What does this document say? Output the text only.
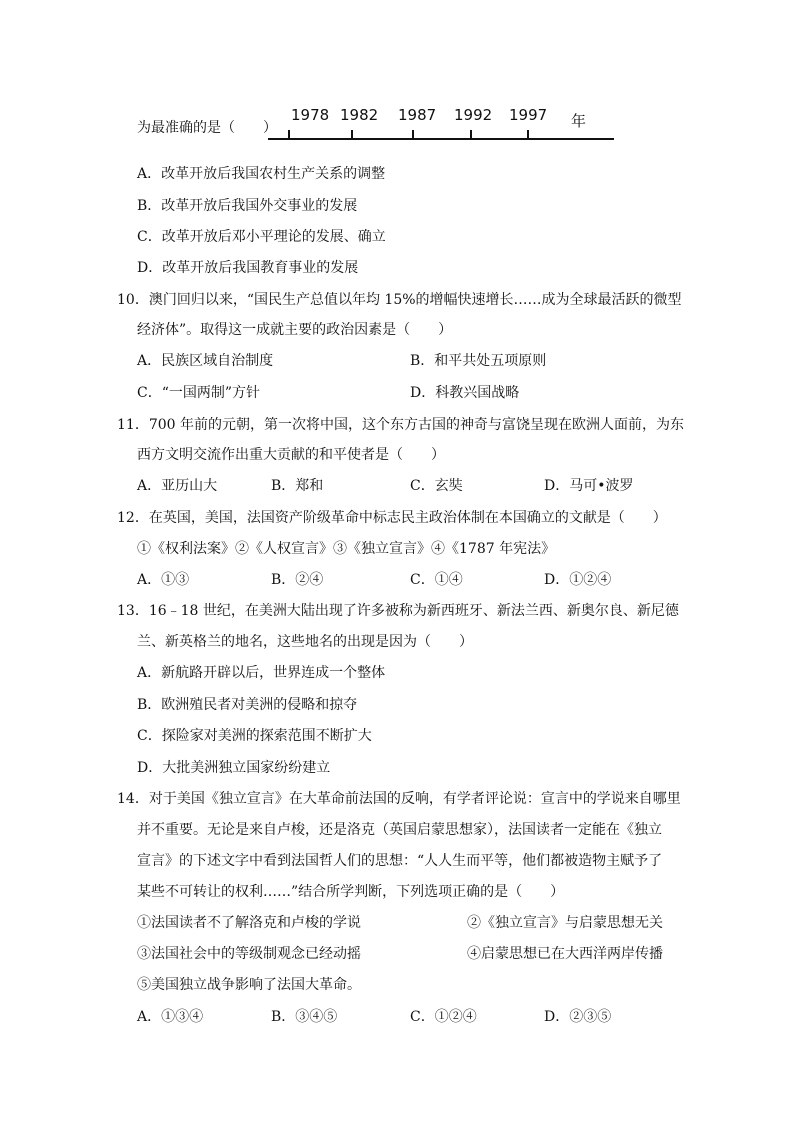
为最准确的是（　　）
1978 1982 1987 1992 1997 年
A．改革开放后我国农村生产关系的调整
B．改革开放后我国外交事业的发展
C．改革开放后邓小平理论的发展、确立
D．改革开放后我国教育事业的发展
10．澳门回归以来，“国民生产总值以年均 15%的增幅快速增长……成为全球最活跃的微型
经济体”。取得这一成就主要的政治因素是（　　）
A．民族区域自治制度	B．和平共处五项原则
C．“一国两制”方针	D．科教兴国战略
11．700 年前的元朝，第一次将中国，这个东方古国的神奇与富饶呈现在欧洲人面前，为东
西方文明交流作出重大贡献的和平使者是（　　）
A．亚历山大	B．郑和	C．玄奘	D．马可•波罗
12．在英国，美国，法国资产阶级革命中标志民主政治体制在本国确立的文献是（　　）
①《权利法案》②《人权宣言》③《独立宣言》④《1787 年宪法》
A．①③	B．②④	C．①④	D．①②④
13．16﹣18 世纪，在美洲大陆出现了许多被称为新西班牙、新法兰西、新奥尔良、新尼德
兰、新英格兰的地名，这些地名的出现是因为（　　）
A．新航路开辟以后，世界连成一个整体
B．欧洲殖民者对美洲的侵略和掠夺
C．探险家对美洲的探索范围不断扩大
D．大批美洲独立国家纷纷建立
14．对于美国《独立宣言》在大革命前法国的反响，有学者评论说：宣言中的学说来自哪里
并不重要。无论是来自卢梭，还是洛克（英国启蒙思想家），法国读者一定能在《独立
宣言》的下述文字中看到法国哲人们的思想：“人人生而平等，他们都被造物主赋予了
某些不可转让的权利……”结合所学判断，下列选项正确的是（　　）
①法国读者不了解洛克和卢梭的学说	②《独立宣言》与启蒙思想无关
③法国社会中的等级制观念已经动摇	④启蒙思想已在大西洋两岸传播
⑤美国独立战争影响了法国大革命。
A．①③④	B．③④⑤	C．①②④	D．②③⑤
